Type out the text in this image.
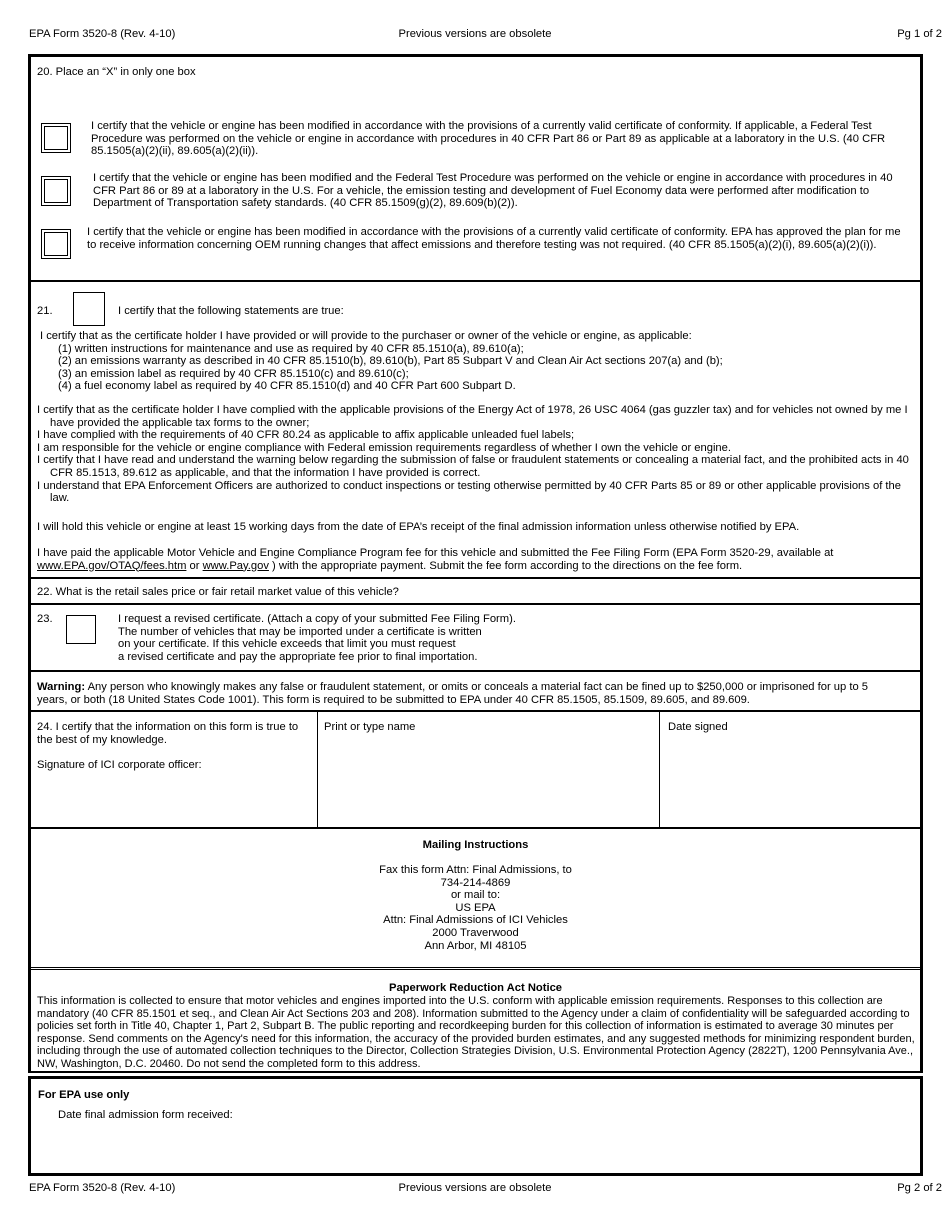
EPA Form 3520-8 (Rev. 4-10)	Previous versions are obsolete	Pg 1 of 2
20. Place an “X” in only one box
I certify that the vehicle or engine has been modified in accordance with the provisions of a currently valid certificate of conformity. If applicable, a Federal Test Procedure was performed on the vehicle or engine in accordance with procedures in 40 CFR Part 86 or Part 89 as applicable at a laboratory in the U.S. (40 CFR 85.1505(a)(2)(ii), 89.605(a)(2)(ii)).
I certify that the vehicle or engine has been modified and the Federal Test Procedure was performed on the vehicle or engine in accordance with procedures in 40 CFR Part 86 or 89 at a laboratory in the U.S. For a vehicle, the emission testing and development of Fuel Economy data were performed after modification to Department of Transportation safety standards. (40 CFR 85.1509(g)(2), 89.609(b)(2)).
I certify that the vehicle or engine has been modified in accordance with the provisions of a currently valid certificate of conformity. EPA has approved the plan for me to receive information concerning OEM running changes that affect emissions and therefore testing was not required. (40 CFR 85.1505(a)(2)(i), 89.605(a)(2)(i)).
21.	I certify that the following statements are true:
I certify that as the certificate holder I have provided or will provide to the purchaser or owner of the vehicle or engine, as applicable:
(1) written instructions for maintenance and use as required by 40 CFR 85.1510(a), 89.610(a);
(2) an emissions warranty as described in 40 CFR 85.1510(b), 89.610(b), Part 85 Subpart V and Clean Air Act sections 207(a) and (b);
(3) an emission label as required by 40 CFR 85.1510(c) and 89.610(c);
(4) a fuel economy label as required by 40 CFR 85.1510(d) and 40 CFR Part 600 Subpart D.
I certify that as the certificate holder I have complied with the applicable provisions of the Energy Act of 1978, 26 USC 4064 (gas guzzler tax) and for vehicles not owned by me I have provided the applicable tax forms to the owner;
I have complied with the requirements of 40 CFR 80.24 as applicable to affix applicable unleaded fuel labels;
I am responsible for the vehicle or engine compliance with Federal emission requirements regardless of whether I own the vehicle or engine.
I certify that I have read and understand the warning below regarding the submission of false or fraudulent statements or concealing a material fact, and the prohibited acts in 40 CFR 85.1513, 89.612 as applicable, and that the information I have provided is correct.
I understand that EPA Enforcement Officers are authorized to conduct inspections or testing otherwise permitted by 40 CFR Parts 85 or 89 or other applicable provisions of the law.
I will hold this vehicle or engine at least 15 working days from the date of EPA’s receipt of the final admission information unless otherwise notified by EPA.
I have paid the applicable Motor Vehicle and Engine Compliance Program fee for this vehicle and submitted the Fee Filing Form (EPA Form 3520-29, available at www.EPA.gov/OTAQ/fees.htm or www.Pay.gov ) with the appropriate payment. Submit the fee form according to the directions on the fee form.
22. What is the retail sales price or fair retail market value of this vehicle?
23.	I request a revised certificate. (Attach a copy of your submitted Fee Filing Form).
The number of vehicles that may be imported under a certificate is written
on your certificate. If this vehicle exceeds that limit you must request
a revised certificate and pay the appropriate fee prior to final importation.
Warning: Any person who knowingly makes any false or fraudulent statement, or omits or conceals a material fact can be fined up to $250,000 or imprisoned for up to 5 years, or both (18 United States Code 1001). This form is required to be submitted to EPA under 40 CFR 85.1505, 85.1509, 89.605, and 89.609.
24. I certify that the information on this form is true to the best of my knowledge.
Signature of ICI corporate officer:
Print or type name	Date signed
Mailing Instructions
Fax this form Attn: Final Admissions, to
734-214-4869
or mail to:
US EPA
Attn: Final Admissions of ICI Vehicles
2000 Traverwood
Ann Arbor, MI 48105
Paperwork Reduction Act Notice
This information is collected to ensure that motor vehicles and engines imported into the U.S. conform with applicable emission requirements. Responses to this collection are mandatory (40 CFR 85.1501 et seq., and Clean Air Act Sections 203 and 208). Information submitted to the Agency under a claim of confidentiality will be safeguarded according to policies set forth in Title 40, Chapter 1, Part 2, Subpart B. The public reporting and recordkeeping burden for this collection of information is estimated to average 30 minutes per response. Send comments on the Agency's need for this information, the accuracy of the provided burden estimates, and any suggested methods for minimizing respondent burden, including through the use of automated collection techniques to the Director, Collection Strategies Division, U.S. Environmental Protection Agency (2822T), 1200 Pennsylvania Ave., NW, Washington, D.C. 20460. Do not send the completed form to this address.
For EPA use only
Date final admission form received:
EPA Form 3520-8 (Rev. 4-10)	Previous versions are obsolete	Pg 2 of 2
